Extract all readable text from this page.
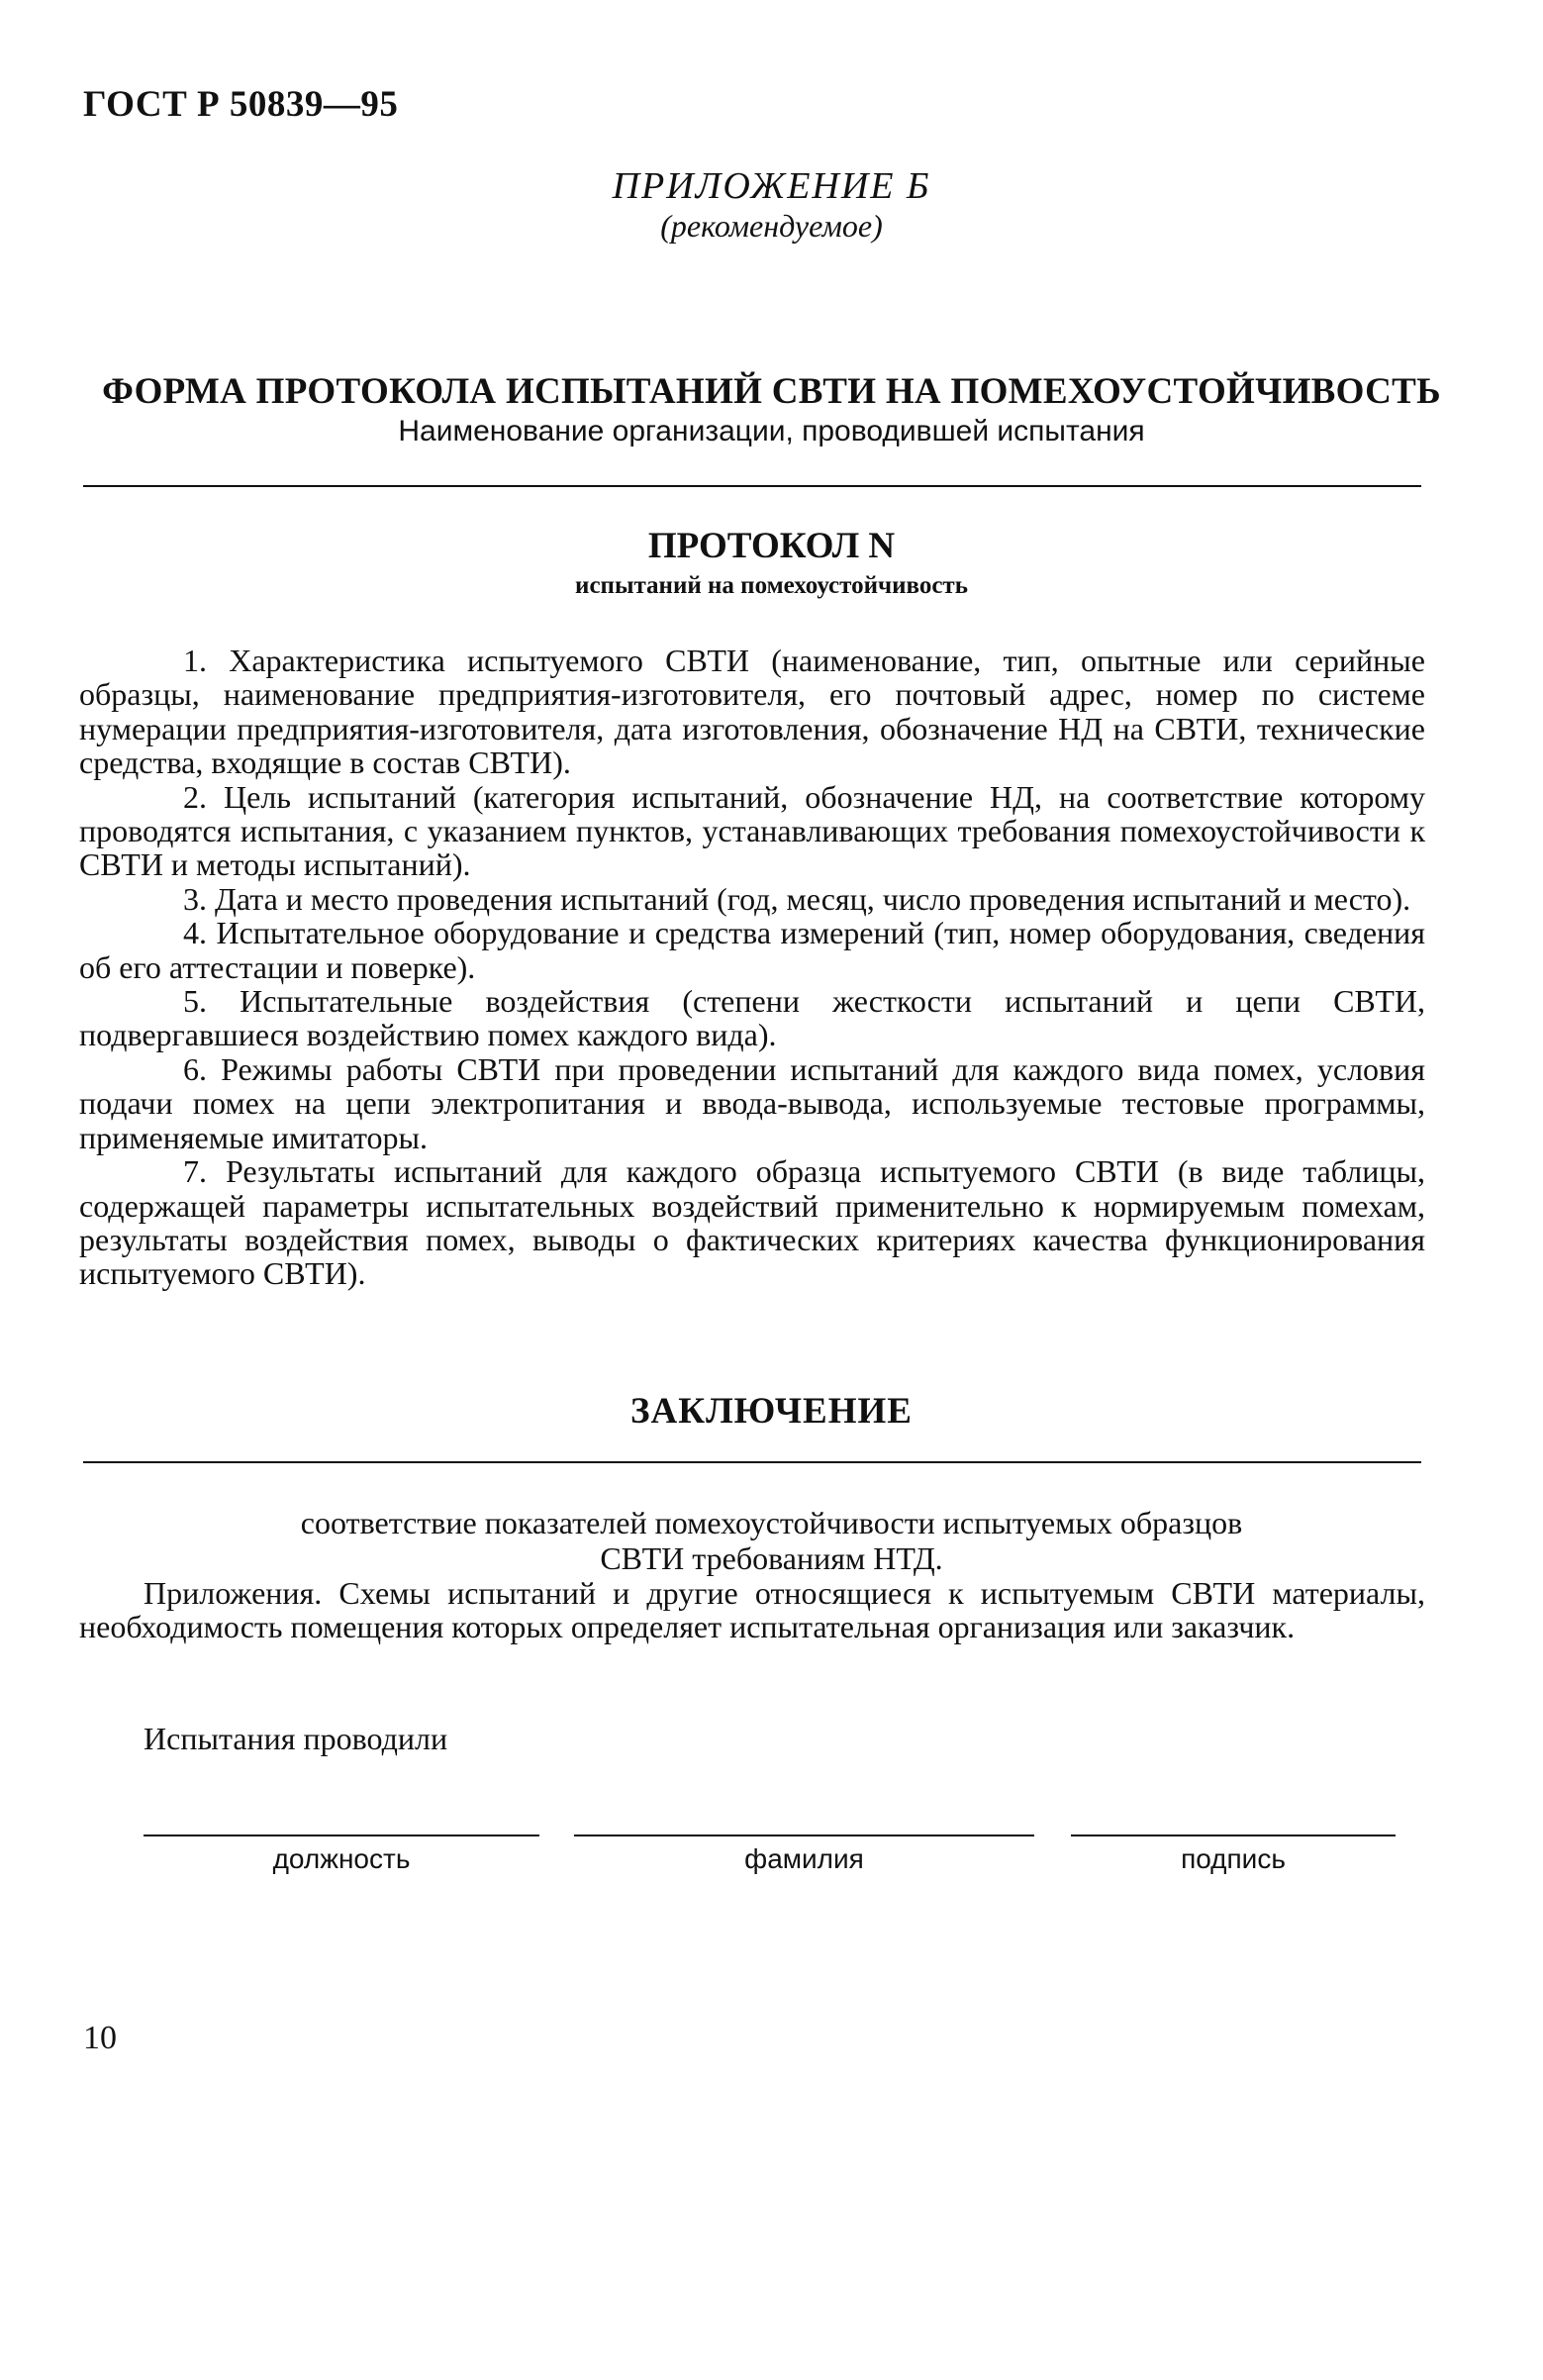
ГОСТ Р 50839—95
ПРИЛОЖЕНИЕ Б
(рекомендуемое)
ФОРМА ПРОТОКОЛА ИСПЫТАНИЙ СВТИ НА ПОМЕХОУСТОЙЧИВОСТЬ
Наименование организации, проводившей испытания
ПРОТОКОЛ N
испытаний на помехоустойчивость

1. Характеристика испытуемого СВТИ (наименование, тип, опытные или серийные образцы, наименование предприятия-изготовителя, его почтовый адрес, номер по системе нумерации предприятия-изготовителя, дата изготовления, обозначение НД на СВТИ, технические средства, входящие в состав СВТИ).

2. Цель испытаний (категория испытаний, обозначение НД, на соответствие которому проводятся испытания, с указанием пунктов, устанавливающих требования помехоустойчивости к СВТИ и методы испытаний).

3. Дата и место проведения испытаний (год, месяц, число проведения испытаний и место).

4. Испытательное оборудование и средства измерений (тип, номер оборудования, сведения об его аттестации и поверке).

5. Испытательные воздействия (степени жесткости испытаний и цепи СВТИ, подвергавшиеся воздействию помех каждого вида).

6. Режимы работы СВТИ при проведении испытаний для каждого вида помех, условия подачи помех на цепи электропитания и ввода-вывода, используемые тестовые программы, применяемые имитаторы.

7. Результаты испытаний для каждого образца испытуемого СВТИ (в виде таблицы, содержащей параметры испытательных воздействий применительно к нормируемым помехам, результаты воздействия помех, выводы о фактических критериях качества функционирования испытуемого СВТИ).

ЗАКЛЮЧЕНИЕ
соответствие показателей помехоустойчивости испытуемых образцов
СВТИ требованиям НТД.
Приложения. Схемы испытаний и другие относящиеся к испытуемым СВТИ материалы, необходимость помещения которых определяет испытательная организация или заказчик.
Испытания проводили
должность	фамилия	подпись
10
